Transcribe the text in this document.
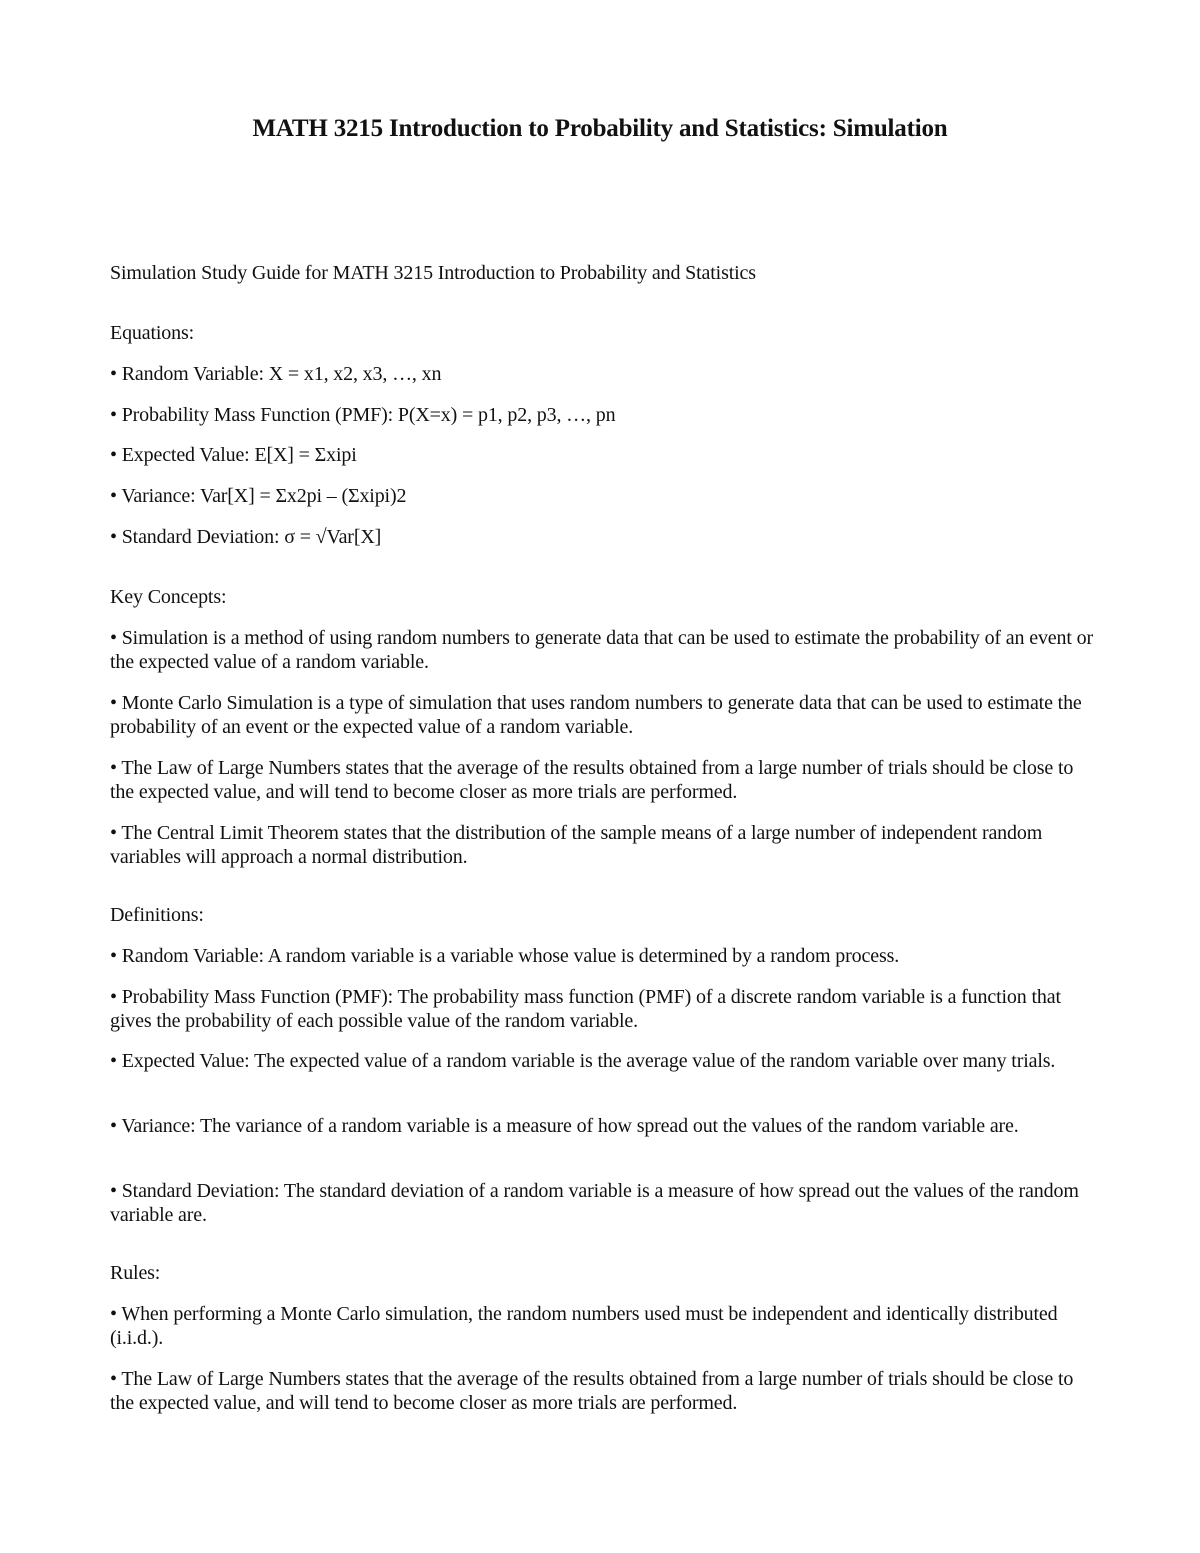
MATH 3215 Introduction to Probability and Statistics: Simulation

Simulation Study Guide for MATH 3215 Introduction to Probability and Statistics

Equations:

• Random Variable: X = x1, x2, x3, …, xn

• Probability Mass Function (PMF): P(X=x) = p1, p2, p3, …, pn

• Expected Value: E[X] = Σxipi

• Variance: Var[X] = Σx2pi – (Σxipi)2

• Standard Deviation: σ = √Var[X]

Key Concepts:

• Simulation is a method of using random numbers to generate data that can be used to estimate the probability of an event or the expected value of a random variable.

• Monte Carlo Simulation is a type of simulation that uses random numbers to generate data that can be used to estimate the probability of an event or the expected value of a random variable.

• The Law of Large Numbers states that the average of the results obtained from a large number of trials should be close to the expected value, and will tend to become closer as more trials are performed.

• The Central Limit Theorem states that the distribution of the sample means of a large number of independent random variables will approach a normal distribution.

Definitions:

• Random Variable: A random variable is a variable whose value is determined by a random process.

• Probability Mass Function (PMF): The probability mass function (PMF) of a discrete random variable is a function that gives the probability of each possible value of the random variable.

• Expected Value: The expected value of a random variable is the average value of the random variable over many trials.

• Variance: The variance of a random variable is a measure of how spread out the values of the random variable are.

• Standard Deviation: The standard deviation of a random variable is a measure of how spread out the values of the random variable are.

Rules:

• When performing a Monte Carlo simulation, the random numbers used must be independent and identically distributed (i.i.d.).

• The Law of Large Numbers states that the average of the results obtained from a large number of trials should be close to the expected value, and will tend to become closer as more trials are performed.
